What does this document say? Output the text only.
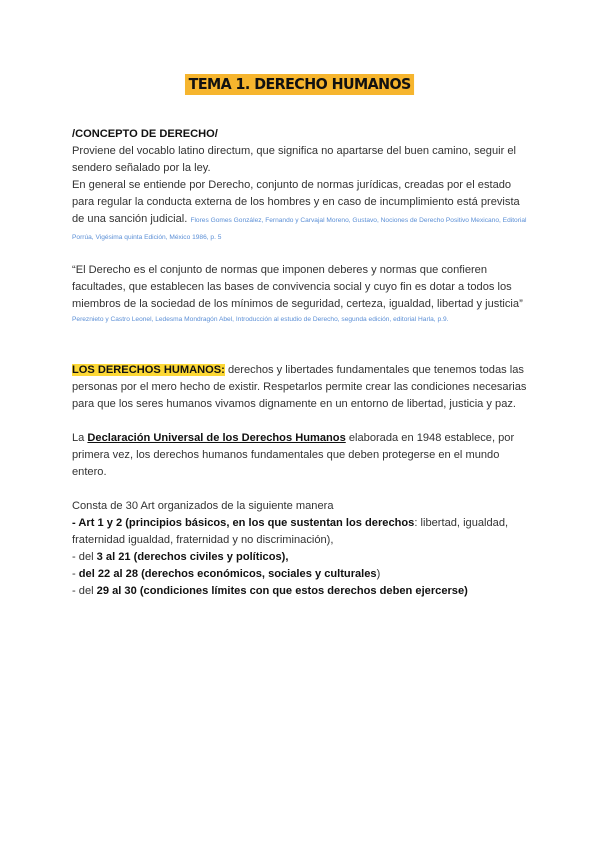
TEMA 1. DERECHO HUMANOS

/CONCEPTO DE DERECHO/

Proviene del vocablo latino directum, que significa no apartarse del buen camino, seguir el sendero señalado por la ley.

En general se entiende por Derecho, conjunto de normas jurídicas, creadas por el estado para regular la conducta externa de los hombres y en caso de incumplimiento está prevista de una sanción judicial. Flores Gomes González, Fernando y Carvajal Moreno, Gustavo, Nociones de Derecho Positivo Mexicano, Editorial Porrúa, Vigésima quinta Edición, México 1986, p. 5

“El Derecho es el conjunto de normas que imponen deberes y normas que confieren facultades, que establecen las bases de convivencia social y cuyo fin es dotar a todos los miembros de la sociedad de los mínimos de seguridad, certeza, igualdad, libertad y justicia”

Pereznieto y Castro Leonel, Ledesma Mondragón Abel, Introducción al estudio de Derecho, segunda edición, editorial Harla, p.9.

LOS DERECHOS HUMANOS: derechos y libertades fundamentales que tenemos todas las personas por el mero hecho de existir. Respetarlos permite crear las condiciones necesarias para que los seres humanos vivamos dignamente en un entorno de libertad, justicia y paz.

La Declaración Universal de los Derechos Humanos elaborada en 1948 establece, por primera vez, los derechos humanos fundamentales que deben protegerse en el mundo entero.

Consta de 30 Art organizados de la siguiente manera

- Art 1 y 2 (principios básicos, en los que sustentan los derechos: libertad, igualdad, fraternidad igualdad, fraternidad y no discriminación),

- del 3 al 21 (derechos civiles y políticos),

- del 22 al 28 (derechos económicos, sociales y culturales)

- del 29 al 30 (condiciones límites con que estos derechos deben ejercerse)
